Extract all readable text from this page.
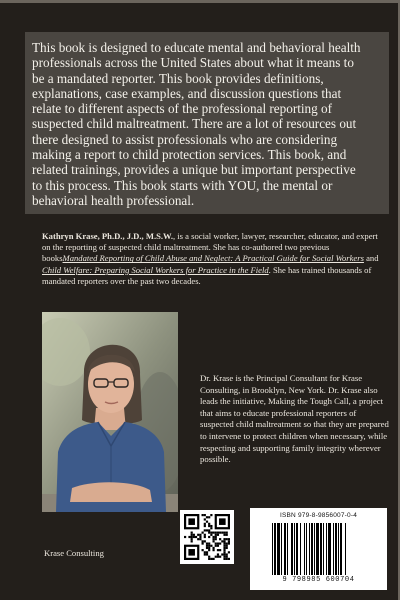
This book is designed to educate mental and behavioral health professionals across the United States about what it means to be a mandated reporter. This book provides definitions, explanations, case examples, and discussion questions that relate to different aspects of the professional reporting of suspected child maltreatment. There are a lot of resources out there designed to assist professionals who are considering making a report to child protection services. This book, and related trainings, provides a unique but important perspective to this process. This book starts with YOU, the mental or behavioral health professional.

Kathryn Krase, Ph.D., J.D., M.S.W., is a social worker, lawyer, researcher, educator, and expert on the reporting of suspected child maltreatment. She has co-authored two previous booksMandated Reporting of Child Abuse and Neglect: A Practical Guide for Social Workers and Child Welfare: Preparing Social Workers for Practice in the Field. She has trained thousands of mandated reporters over the past two decades.

Dr. Krase is the Principal Consultant for Krase Consulting, in Brooklyn, New York. Dr. Krase also leads the initiative, Making the Tough Call, a project that aims to educate professional reporters of suspected child maltreatment so that they are prepared to intervene to protect children when necessary, while respecting and supporting family integrity wherever possible.

ISBN 979-8-9856007-0-4
9 798985 600704
Krase Consulting
